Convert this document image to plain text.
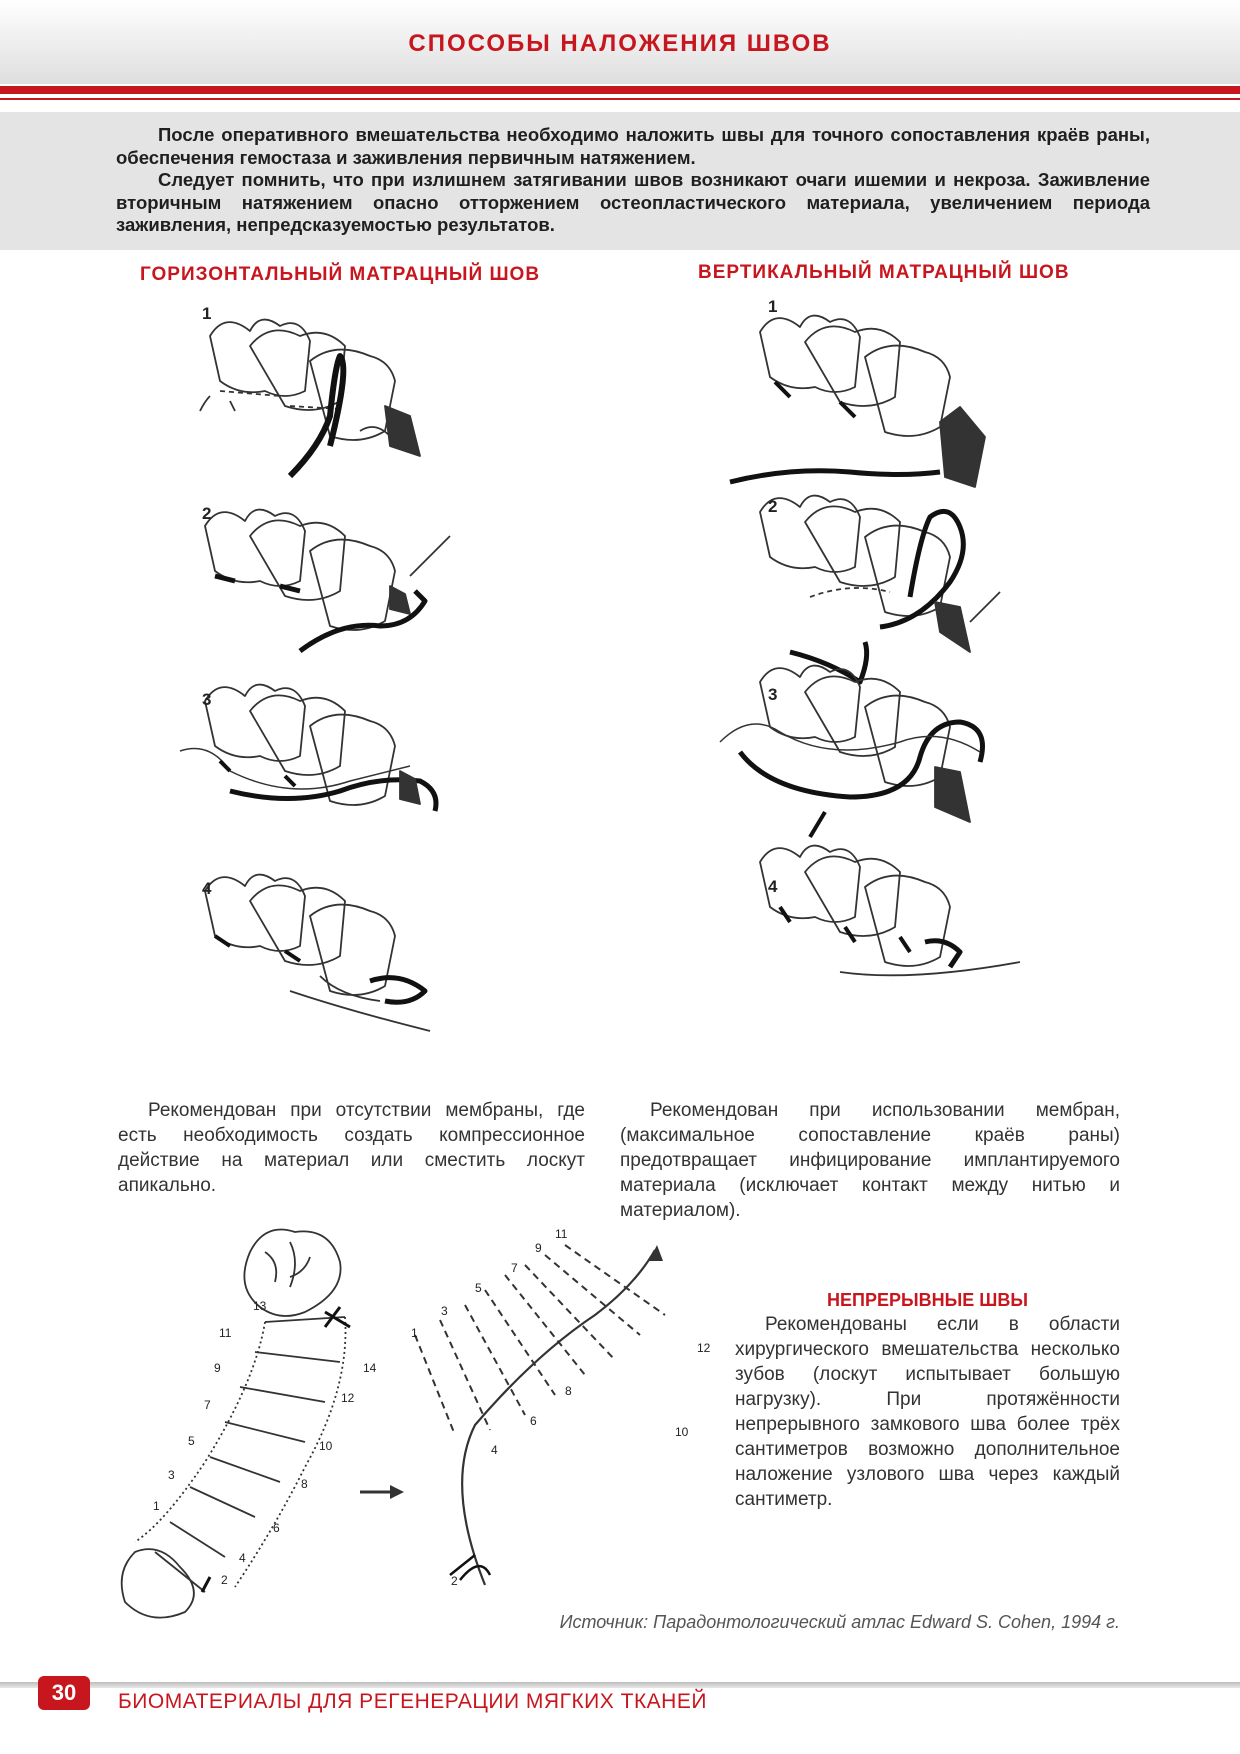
СПОСОБЫ НАЛОЖЕНИЯ ШВОВ

После оперативного вмешательства необходимо наложить швы для точного сопоставления краёв раны, обеспечения гемостаза и заживления первичным натяжением.

Следует помнить, что при излишнем затягивании швов возникают очаги ишемии и некроза. Заживление вторичным натяжением опасно отторжением остеопластического материала, увеличением периода заживления, непредсказуемостью результатов.

ГОРИЗОНТАЛЬНЫЙ МАТРАЦНЫЙ ШОВ	ВЕРТИКАЛЬНЫЙ МАТРАЦНЫЙ ШОВ
1
2
3
4
1
2
3
4

Рекомендован при отсутствии мембраны, где есть необходимость создать компрессионное действие на материал или сместить лоскут апикально.

Рекомендован при использовании мембран, (максимальное сопоставление краёв раны) предотвращает инфицирование имплантируемого материала (исключает контакт между нитью и материалом).

1
2
3
4
5
6
7
8
9
10
11
12
13
14
1
2
3
4
5
6
7
8
9
10
11
12
НЕПРЕРЫВНЫЕ ШВЫ

Рекомендованы если в области хирургического вмешательства несколько зубов (лоскут испытывает большую нагрузку). При протяжённости непрерывного замкового шва более трёх сантиметров возможно дополнительное наложение узлового шва через каждый сантиметр.

Источник: Парадонтологический атлас Edward S. Cohen, 1994 г.
30	БИОМАТЕРИАЛЫ ДЛЯ РЕГЕНЕРАЦИИ МЯГКИХ ТКАНЕЙ
